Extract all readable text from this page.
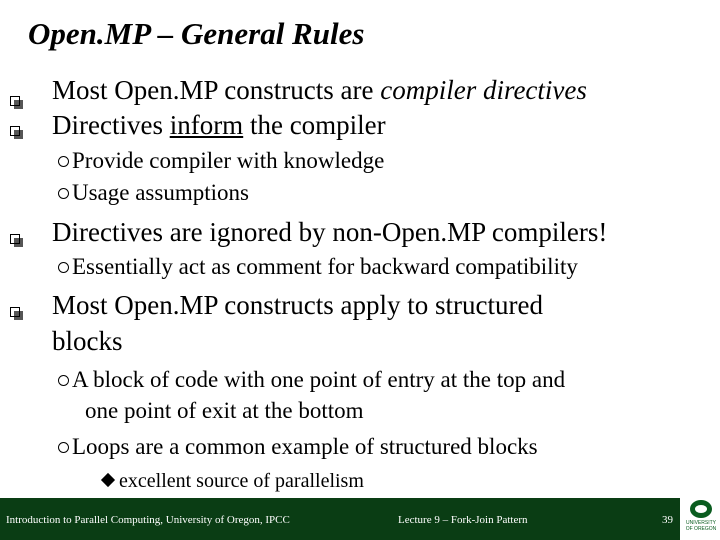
Open.MP – General Rules
Most Open.MP constructs are compiler directives
Directives inform the compiler
Provide compiler with knowledge
Usage assumptions
Directives are ignored by non-Open.MP compilers!
Essentially act as comment for backward compatibility
Most Open.MP constructs apply to structured
blocks
A block of code with one point of entry at the top and
one point of exit at the bottom
Loops are a common example of structured blocks
excellent source of parallelism
Introduction to Parallel Computing, University of Oregon, IPCC	Lecture 9 – Fork-Join Pattern	39	UNIVERSITY OF OREGON
